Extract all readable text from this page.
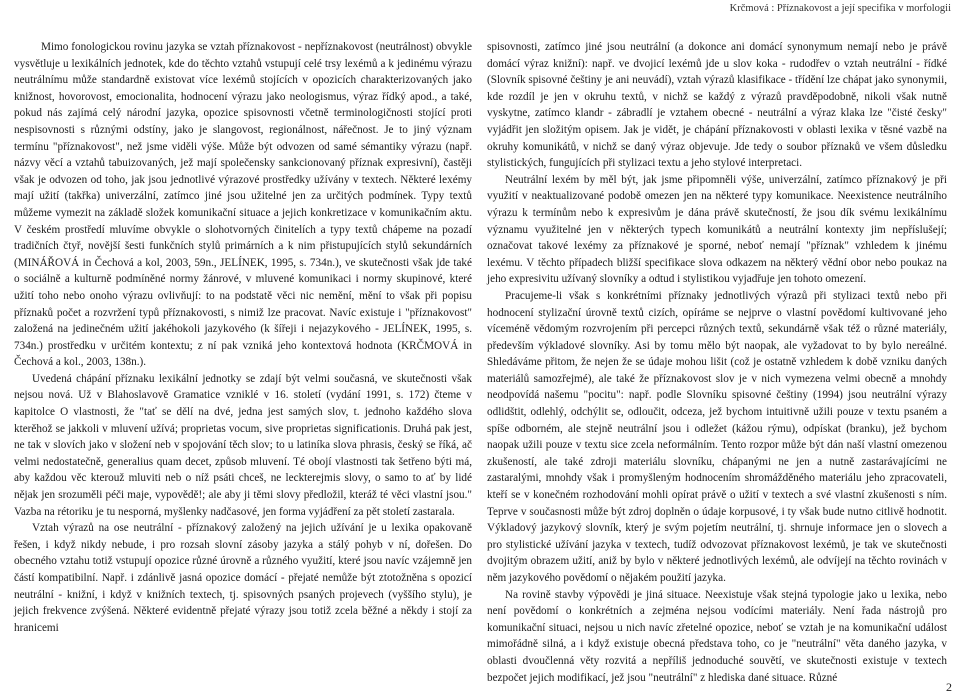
Krčmová : Příznakovost a její specifika v morfologii

Mimo fonologickou rovinu jazyka se vztah příznakovost - nepříznakovost (neutrálnost) obvykle vysvětluje u lexikálních jednotek, kde do těchto vztahů vstupují celé trsy lexémů a k jedinému výrazu neutrálnímu může standardně existovat více lexémů stojících v opozicích charakterizovaných jako knižnost, hovorovost, emocionalita, hodnocení výrazu jako neologismus, výraz řídký apod., a také, pokud nás zajímá celý národní jazyka, opozice spisovnosti včetně terminologičnosti stojící proti nespisovnosti s různými odstíny, jako je slangovost, regionálnost, nářečnost. Je to jiný význam termínu "příznakovost", než jsme viděli výše. Může být odvozen od samé sémantiky výrazu (např. názvy věcí a vztahů tabuizovaných, jež mají společensky sankcionovaný příznak expresivní), častěji však je odvozen od toho, jak jsou jednotlivé výrazové prostředky užívány v textech. Některé lexémy mají užití (takřka) univerzální, zatímco jiné jsou užitelné jen za určitých podmínek. Typy textů můžeme vymezit na základě složek komunikační situace a jejich konkretizace v komunikačním aktu. V českém prostředí mluvíme obvykle o slohotvorných činitelích a typy textů chápeme na pozadí tradičních čtyř, novější šesti funkčních stylů primárních a k nim přistupujících stylů sekundárních (MINÁŘOVÁ in Čechová a kol, 2003, 59n., JELÍNEK, 1995, s. 734n.), ve skutečnosti však jde také o sociálně a kulturně podmíněné normy žánrové, v mluvené komunikaci i normy skupinové, které užití toho nebo onoho výrazu ovlivňují: to na podstatě věci nic nemění, mění to však při popisu příznaků počet a rozvržení typů příznakovosti, s nimiž lze pracovat. Navíc existuje i "příznakovost" založená na jedinečném užití jakéhokoli jazykového (k šířeji i nejazykového - JELÍNEK, 1995, s. 734n.) prostředku v určitém kontextu; z ní pak vzniká jeho kontextová hodnota (KRČMOVÁ in Čechová a kol., 2003, 138n.).

Uvedená chápání příznaku lexikální jednotky se zdají být velmi současná, ve skutečnosti však nejsou nová. Už v Blahoslavově Gramatice vzniklé v 16. století (vydání 1991, s. 172) čteme v kapitolce O vlastnosti, že "tať se dělí na dvé, jedna jest samých slov, t. jednoho každého slova kterěhož se jakkoli v mluvení užívá; proprietas vocum, sive proprietas significationis. Druhá pak jest, ne tak v slovích jako v složení neb v spojování těch slov; to u latiníka slova phrasis, český se říká, ač velmi nedostatečně, generalius quam decet, způsob mluvení. Té obojí vlastnosti tak šetřeno býti má, aby každou věc kterouž mluviti neb o níž psáti chceš, ne leckterejmis slovy, o samo to ať by lidé nějak jen srozuměli péči maje, vypovědě!; ale aby ji těmi slovy předložil, kteráž té věci vlastní jsou." Vazba na rétoriku je tu nesporná, myšlenky nadčasové, jen forma vyjádření za pět století zastarala.

Vztah výrazů na ose neutrální - příznakový založený na jejich užívání je u lexika opakovaně řešen, i když nikdy nebude, i pro rozsah slovní zásoby jazyka a stálý pohyb v ní, dořešen. Do obecného vztahu totiž vstupují opozice různé úrovně a různého využití, které jsou navíc vzájemně jen částí kompatibilní. Např. i zdánlivě jasná opozice domácí - přejaté nemůže být ztotožněna s opozicí neutrální - knižní, i když v knižních textech, tj. spisovných psaných projevech (vyššího stylu), je jejich frekvence zvýšená. Některé evidentně přejaté výrazy jsou totiž zcela běžné a někdy i stojí za hranicemi

spisovnosti, zatímco jiné jsou neutrální (a dokonce ani domácí synonymum nemají nebo je právě domácí výraz knižní): např. ve dvojicí lexémů jde u slov koka - rudodřev o vztah neutrální - řídké (Slovník spisovné češtiny je ani neuvádí), vztah výrazů klasifikace - třídění lze chápat jako synonymii, kde rozdíl je jen v okruhu textů, v nichž se každý z výrazů pravděpodobně, nikoli však nutně vyskytne, zatímco klandr - zábradlí je vztahem obecné - neutrální a výraz klaka lze "čisté česky" vyjádřit jen složitým opisem. Jak je vidět, je chápání příznakovosti v oblasti lexika v těsné vazbě na okruhy komunikátů, v nichž se daný výraz objevuje. Jde tedy o soubor příznaků ve všem důsledku stylistických, fungujících při stylizaci textu a jeho stylové interpretaci.

Neutrální lexém by měl být, jak jsme připomněli výše, univerzální, zatímco příznakový je při využití v neaktualizované podobě omezen jen na některé typy komunikace. Neexistence neutrálního výrazu k termínům nebo k expresivům je dána právě skutečností, že jsou dík svému lexikálnímu významu využitelné jen v některých typech komunikátů a neutrální kontexty jim nepříslušejí; označovat takové lexémy za příznakové je sporné, neboť nemají "příznak" vzhledem k jinému lexému. V těchto případech bližší specifikace slova odkazem na některý vědní obor nebo poukaz na jeho expresivitu užívaný slovníky a odtud i stylistikou vyjadřuje jen tohoto omezení.

Pracujeme-li však s konkrétními příznaky jednotlivých výrazů při stylizaci textů nebo při hodnocení stylizační úrovně textů cizích, opíráme se nejprve o vlastní povědomí kultivované jeho víceméně vědomým rozvrojením při percepci různých textů, sekundárně však též o různé materiály, především výkladové slovníky. Asi by tomu mělo být naopak, ale vyžadovat to by bylo nereálné. Shledáváme přitom, že nejen že se údaje mohou lišit (což je ostatně vzhledem k době vzniku daných materiálů samozřejmé), ale také že příznakovost slov je v nich vymezena velmi obecně a mnohdy neodpovídá našemu "pocitu": např. podle Slovníku spisovné češtiny (1994) jsou neutrální výrazy odlidštit, odlehlý, odchýlit se, odloučit, odceza, jež bychom intuitivně užili pouze v textu psaném a spíše odborném, ale stejně neutrální jsou i odležet (kážou rýmu), odpískat (branku), jež bychom naopak užili pouze v textu sice zcela neformálním. Tento rozpor může být dán naší vlastní omezenou zkušeností, ale také zdroji materiálu slovníku, chápanými ne jen a nutně zastarávajícími ne zastaralými, mnohdy však i promyšleným hodnocením shromážděného materiálu jeho zpracovateli, kteří se v konečném rozhodování mohli opírat právě o užití v textech a své vlastní zkušenosti s ním. Teprve v současnosti může být zdroj doplněn o údaje korpusové, i ty však bude nutno citlivě hodnotit. Výkladový jazykový slovník, který je svým pojetím neutrální, tj. shrnuje informace jen o slovech a pro stylistické užívání jazyka v textech, tudíž odvozovat příznakovost lexémů, je tak ve skutečnosti dvojitým obrazem užití, aniž by bylo v některé jednotlivých lexémů, ale odvíjejí na těchto rovinách v něm jazykového povědomí o nějakém použití jazyka.

Na rovině stavby výpovědi je jiná situace. Neexistuje však stejná typologie jako u lexika, nebo není povědomí o konkrétních a zejména nejsou vodícími materiály. Není řada nástrojů pro komunikační situaci, nejsou u nich navíc zřetelné opozice, neboť se vztah je na komunikační událost mimořádně silná, a i když existuje obecná představa toho, co je "neutrální" věta daného jazyka, v oblasti dvoučlenná věty rozvitá a nepříliš jednoduché souvětí, ve skutečnosti existuje v textech bezpočet jejich modifikací, jež jsou "neutrální" z hlediska dané situace. Různé

2
